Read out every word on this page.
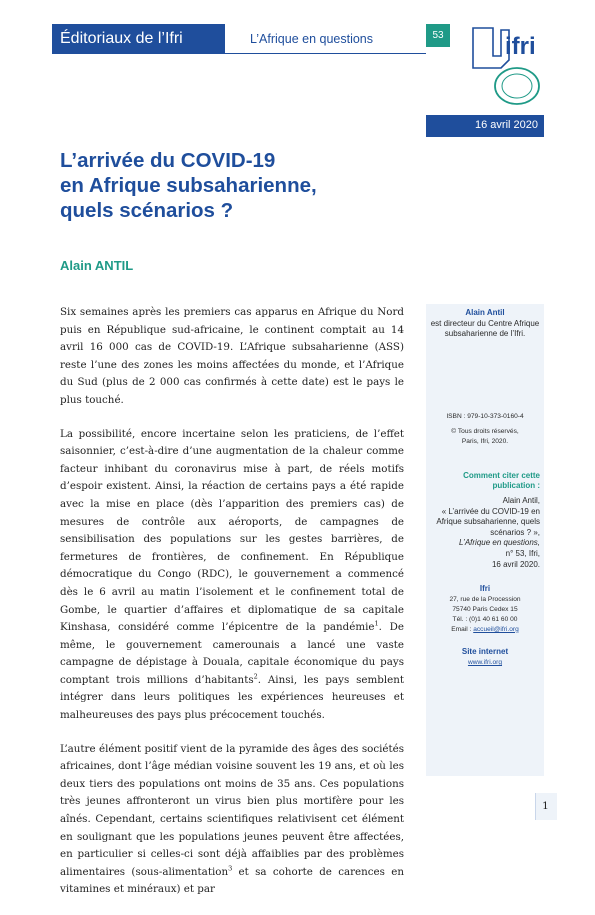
Éditoriaux de l’Ifri	L’Afrique en questions	53	ifri
16 avril 2020
L’arrivée du COVID-19
en Afrique subsaharienne,
quels scénarios ?
Alain ANTIL

Six semaines après les premiers cas apparus en Afrique du Nord puis en République sud-africaine, le continent comptait au 14 avril 16 000 cas de COVID-19. L’Afrique subsaharienne (ASS) reste l’une des zones les moins affectées du monde, et l’Afrique du Sud (plus de 2 000 cas confirmés à cette date) est le pays le plus touché.

La possibilité, encore incertaine selon les praticiens, de l’effet saisonnier, c’est-à-dire d’une augmentation de la chaleur comme facteur inhibant du coronavirus mise à part, de réels motifs d’espoir existent. Ainsi, la réaction de certains pays a été rapide avec la mise en place (dès l’apparition des premiers cas) de mesures de contrôle aux aéroports, de campagnes de sensibilisation des populations sur les gestes barrières, de fermetures de frontières, de confinement. En République démocratique du Congo (RDC), le gouvernement a commencé dès le 6 avril au matin l’isolement et le confinement total de Gombe, le quartier d’affaires et diplomatique de sa capitale Kinshasa, considéré comme l’épicentre de la pandémie$^1$. De même, le gouvernement camerounais a lancé une vaste campagne de dépistage à Douala, capitale économique du pays comptant trois millions d’habitants$^2$. Ainsi, les pays semblent intégrer dans leurs politiques les expériences heureuses et malheureuses des pays plus précocement touchés.

L’autre élément positif vient de la pyramide des âges des sociétés africaines, dont l’âge médian voisine souvent les 19 ans, et où les deux tiers des populations ont moins de 35 ans. Ces populations très jeunes affronteront un virus bien plus mortifère pour les aînés. Cependant, certains scientifiques relativisent cet élément en soulignant que les populations jeunes peuvent être affectées, en particulier si celles-ci sont déjà affaiblies par des problèmes alimentaires (sous-alimentation$^3$ et sa cohorte de carences en vitamines et minéraux) et par

Alain Antil
est directeur du Centre Afrique subsaharienne de l’Ifri.
ISBN : 979-10-373-0160-4
© Tous droits réservés,
Paris, Ifri, 2020.
Comment citer cette publication :
Alain Antil,
« L’arrivée du COVID-19 en Afrique subsaharienne, quels scénarios ? »,
L’Afrique en questions,
n° 53, Ifri,
16 avril 2020.
Ifri
27, rue de la Procession
75740 Paris Cedex 15
Tél. : (0)1 40 61 60 00
Email : accueil@ifri.org
Site internet
www.ifri.org
1
